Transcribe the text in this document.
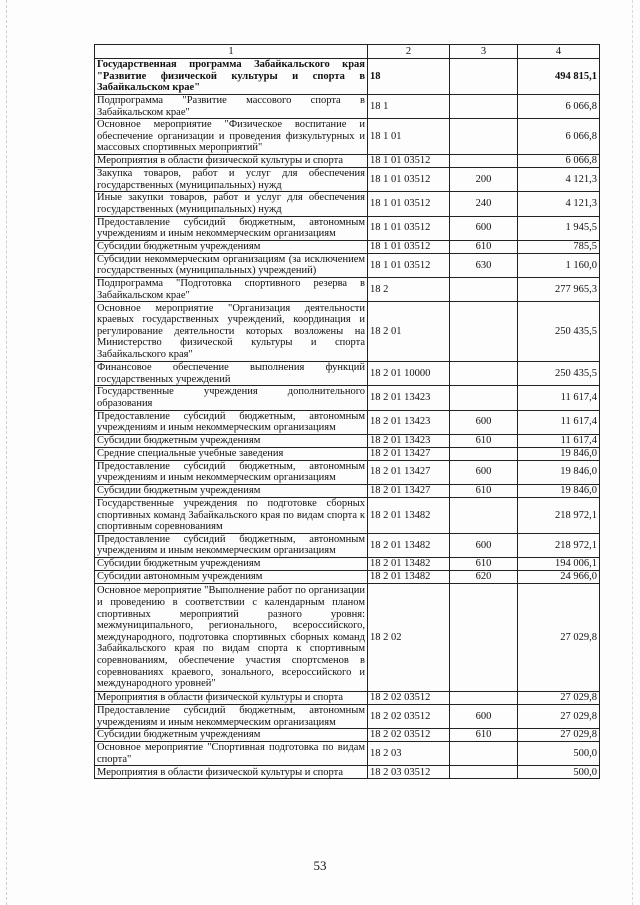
1	2	3	4
Государственная программа Забайкальского края "Развитие физической культуры и спорта в Забайкальском крае"	18		494 815,1
Подпрограмма "Развитие массового спорта в Забайкальском крае"	18 1		6 066,8
Основное мероприятие "Физическое воспитание и обеспечение организации и проведения физкультурных и массовых спортивных мероприятий"	18 1 01		6 066,8
Мероприятия в области физической культуры и спорта	18 1 01 03512		6 066,8
Закупка товаров, работ и услуг для обеспечения государственных (муниципальных) нужд	18 1 01 03512	200	4 121,3
Иные закупки товаров, работ и услуг для обеспечения государственных (муниципальных) нужд	18 1 01 03512	240	4 121,3
Предоставление субсидий бюджетным, автономным учреждениям и иным некоммерческим организациям	18 1 01 03512	600	1 945,5
Субсидии бюджетным учреждениям	18 1 01 03512	610	785,5
Субсидии некоммерческим организациям (за исключением государственных (муниципальных) учреждений)	18 1 01 03512	630	1 160,0
Подпрограмма "Подготовка спортивного резерва в Забайкальском крае"	18 2		277 965,3
Основное мероприятие "Организация деятельности краевых государственных учреждений, координация и регулирование деятельности которых возложены на Министерство физической культуры и спорта Забайкальского края"	18 2 01		250 435,5
Финансовое обеспечение выполнения функций государственных учреждений	18 2 01 10000		250 435,5
Государственные учреждения дополнительного образования	18 2 01 13423		11 617,4
Предоставление субсидий бюджетным, автономным учреждениям и иным некоммерческим организациям	18 2 01 13423	600	11 617,4
Субсидии бюджетным учреждениям	18 2 01 13423	610	11 617,4
Средние специальные учебные заведения	18 2 01 13427		19 846,0
Предоставление субсидий бюджетным, автономным учреждениям и иным некоммерческим организациям	18 2 01 13427	600	19 846,0
Субсидии бюджетным учреждениям	18 2 01 13427	610	19 846,0
Государственные учреждения по подготовке сборных спортивных команд Забайкальского края по видам спорта к спортивным соревнованиям	18 2 01 13482		218 972,1
Предоставление субсидий бюджетным, автономным учреждениям и иным некоммерческим организациям	18 2 01 13482	600	218 972,1
Субсидии бюджетным учреждениям	18 2 01 13482	610	194 006,1
Субсидии автономным учреждениям	18 2 01 13482	620	24 966,0
Основное мероприятие "Выполнение работ по организации и проведению в соответствии с календарным планом спортивных мероприятий разного уровня: межмуниципального, регионального, всероссийского, международного, подготовка спортивных сборных команд Забайкальского края по видам спорта к спортивным соревнованиям, обеспечение участия спортсменов в соревнованиях краевого, зонального, всероссийского и международного уровней"	18 2 02		27 029,8
Мероприятия в области физической культуры и спорта	18 2 02 03512		27 029,8
Предоставление субсидий бюджетным, автономным учреждениям и иным некоммерческим организациям	18 2 02 03512	600	27 029,8
Субсидии бюджетным учреждениям	18 2 02 03512	610	27 029,8
Основное мероприятие "Спортивная подготовка по видам спорта"	18 2 03		500,0
Мероприятия в области физической культуры и спорта	18 2 03 03512		500,0
53
